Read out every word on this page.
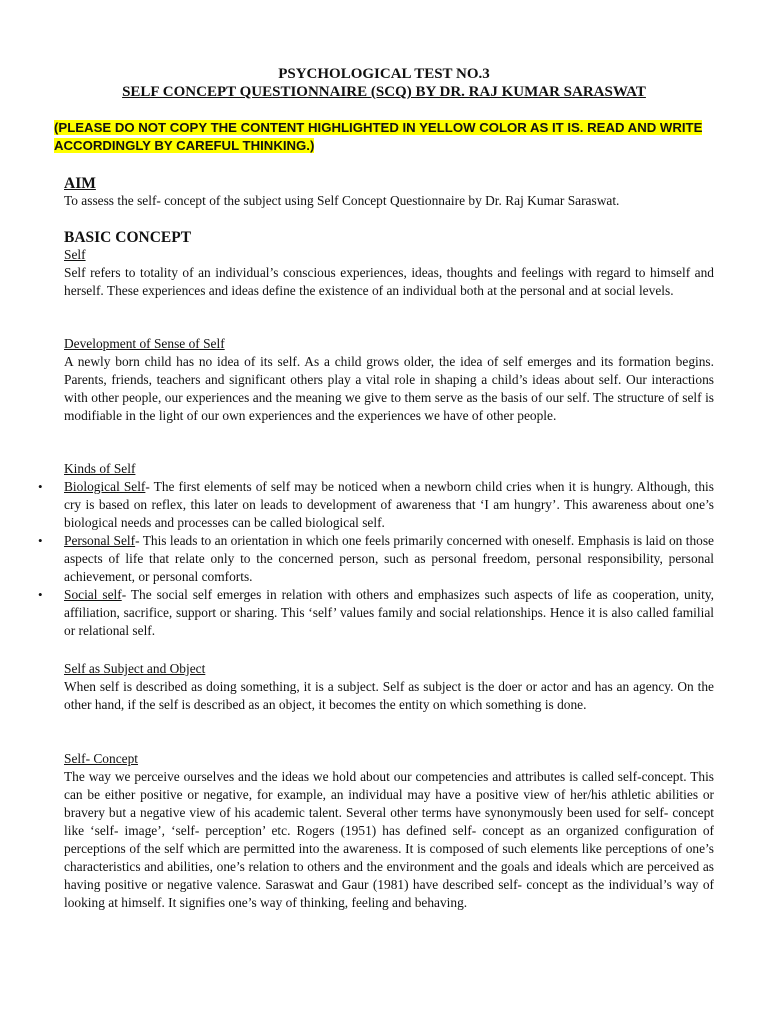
PSYCHOLOGICAL TEST NO.3
SELF CONCEPT QUESTIONNAIRE (SCQ) BY DR. RAJ KUMAR SARASWAT
(PLEASE DO NOT COPY THE CONTENT HIGHLIGHTED IN YELLOW COLOR AS IT IS. READ AND WRITE ACCORDINGLY BY CAREFUL THINKING.)
AIM
To assess the self- concept of the subject using Self Concept Questionnaire by Dr. Raj Kumar Saraswat.
BASIC CONCEPT
Self
Self refers to totality of an individual’s conscious experiences, ideas, thoughts and feelings with regard to himself and herself. These experiences and ideas define the existence of an individual both at the personal and at social levels.
Development of Sense of Self
A newly born child has no idea of its self. As a child grows older, the idea of self emerges and its formation begins. Parents, friends, teachers and significant others play a vital role in shaping a child’s ideas about self. Our interactions with other people, our experiences and the meaning we give to them serve as the basis of our self. The structure of self is modifiable in the light of our own experiences and the experiences we have of other people.
Kinds of Self
• Biological Self- The first elements of self may be noticed when a newborn child cries when it is hungry. Although, this cry is based on reflex, this later on leads to development of awareness that ‘I am hungry’. This awareness about one’s biological needs and processes can be called biological self.
• Personal Self- This leads to an orientation in which one feels primarily concerned with oneself. Emphasis is laid on those aspects of life that relate only to the concerned person, such as personal freedom, personal responsibility, personal achievement, or personal comforts.
• Social self- The social self emerges in relation with others and emphasizes such aspects of life as cooperation, unity, affiliation, sacrifice, support or sharing. This ‘self’ values family and social relationships. Hence it is also called familial or relational self.
Self as Subject and Object
When self is described as doing something, it is a subject. Self as subject is the doer or actor and has an agency. On the other hand, if the self is described as an object, it becomes the entity on which something is done.
Self- Concept
The way we perceive ourselves and the ideas we hold about our competencies and attributes is called self-concept. This can be either positive or negative, for example, an individual may have a positive view of her/his athletic abilities or bravery but a negative view of his academic talent. Several other terms have synonymously been used for self- concept like ‘self- image’, ‘self- perception’ etc. Rogers (1951) has defined self- concept as an organized configuration of perceptions of the self which are permitted into the awareness. It is composed of such elements like perceptions of one’s characteristics and abilities, one’s relation to others and the environment and the goals and ideals which are perceived as having positive or negative valence. Saraswat and Gaur (1981) have described self- concept as the individual’s way of looking at himself. It signifies one’s way of thinking, feeling and behaving.
